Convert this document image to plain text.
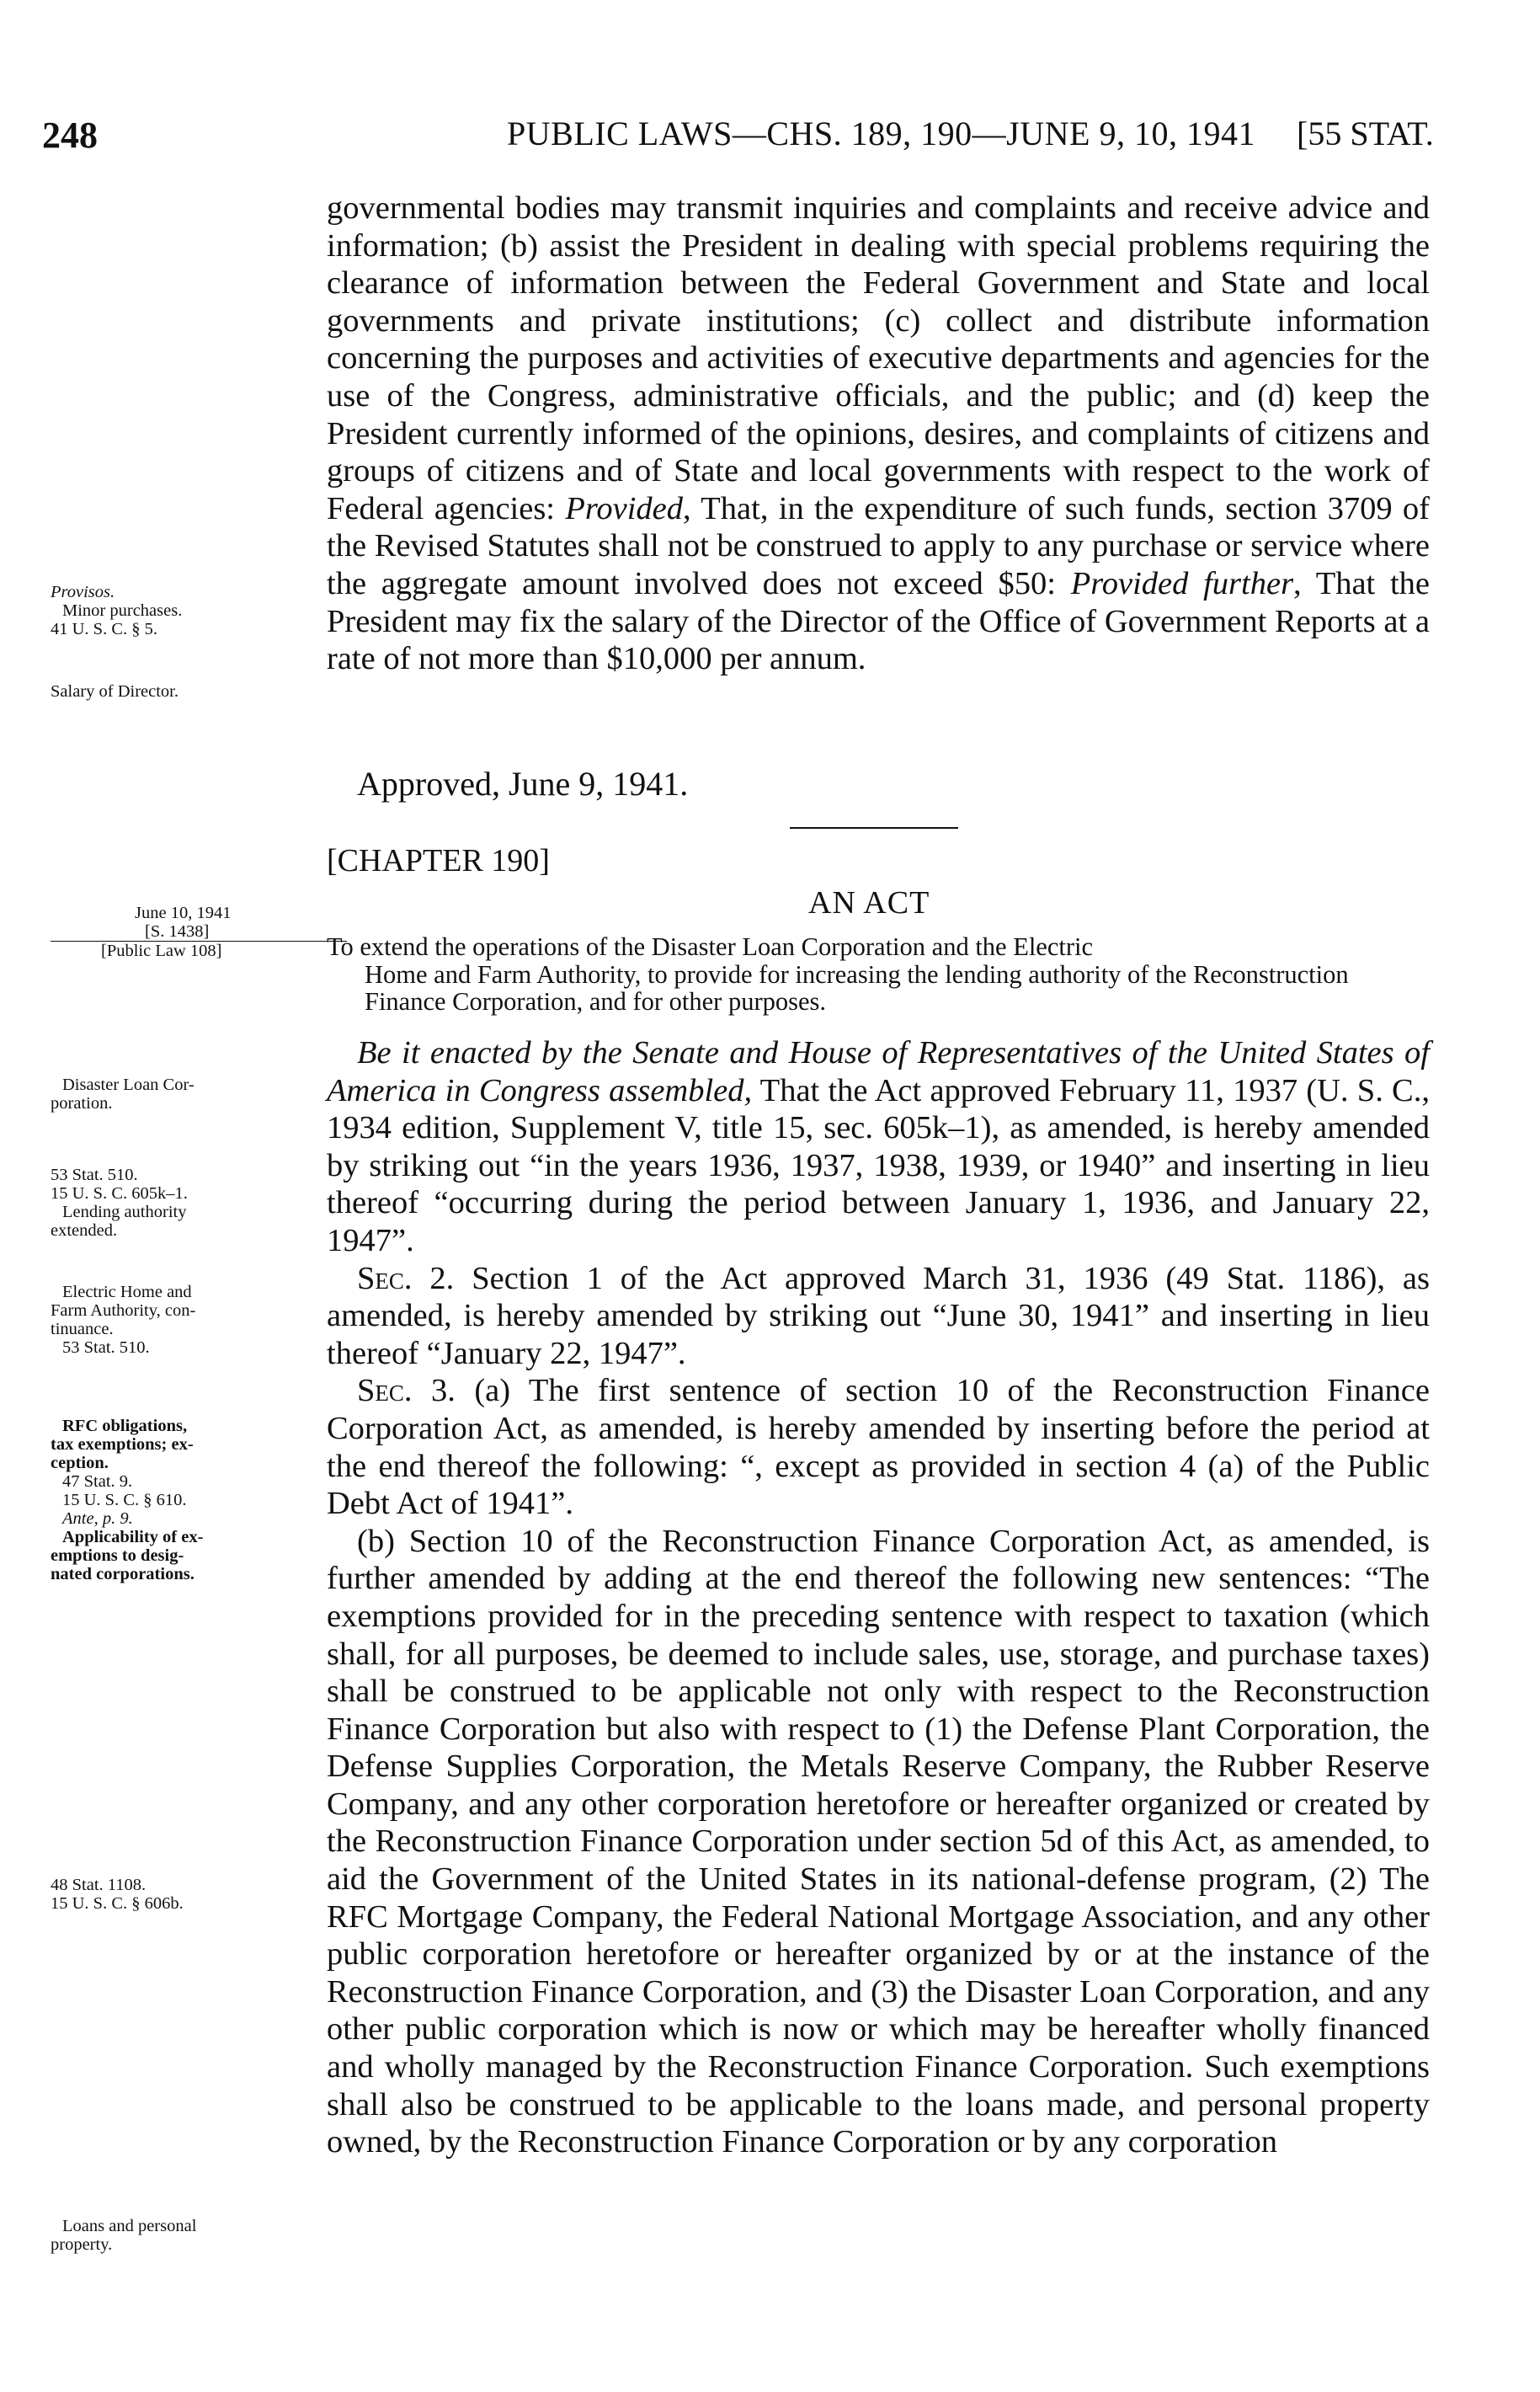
248	PUBLIC LAWS—CHS. 189, 190—JUNE 9, 10, 1941 [55 STAT.

governmental bodies may transmit inquiries and complaints and receive advice and information; (b) assist the President in dealing with special problems requiring the clearance of information between the Federal Government and State and local governments and private institutions; (c) collect and distribute information concerning the purposes and activities of executive departments and agencies for the use of the Congress, administrative officials, and the public; and (d) keep the President currently informed of the opinions, desires, and complaints of citizens and groups of citizens and of State and local governments with respect to the work of Federal agencies: Provided, That, in the expenditure of such funds, section 3709 of the Revised Statutes shall not be construed to apply to any purchase or service where the aggregate amount involved does not exceed $50: Provided further, That the President may fix the salary of the Director of the Office of Government Reports at a rate of not more than $10,000 per annum.

Approved, June 9, 1941.
[CHAPTER 190]
AN ACT
To extend the operations of the Disaster Loan Corporation and the Electric
Home and Farm Authority, to provide for increasing the lending authority of the Reconstruction Finance Corporation, and for other purposes.

Be it enacted by the Senate and House of Representatives of the United States of America in Congress assembled, That the Act approved February 11, 1937 (U. S. C., 1934 edition, Supplement V, title 15, sec. 605k–1), as amended, is hereby amended by striking out “in the years 1936, 1937, 1938, 1939, or 1940” and inserting in lieu thereof “occurring during the period between January 1, 1936, and January 22, 1947”.

Sec. 2. Section 1 of the Act approved March 31, 1936 (49 Stat. 1186), as amended, is hereby amended by striking out “June 30, 1941” and inserting in lieu thereof “January 22, 1947”.

Sec. 3. (a) The first sentence of section 10 of the Reconstruction Finance Corporation Act, as amended, is hereby amended by inserting before the period at the end thereof the following: “, except as provided in section 4 (a) of the Public Debt Act of 1941”.

(b) Section 10 of the Reconstruction Finance Corporation Act, as amended, is further amended by adding at the end thereof the following new sentences: “The exemptions provided for in the preceding sentence with respect to taxation (which shall, for all purposes, be deemed to include sales, use, storage, and purchase taxes) shall be construed to be applicable not only with respect to the Reconstruction Finance Corporation but also with respect to (1) the Defense Plant Corporation, the Defense Supplies Corporation, the Metals Reserve Company, the Rubber Reserve Company, and any other corporation heretofore or hereafter organized or created by the Reconstruction Finance Corporation under section 5d of this Act, as amended, to aid the Government of the United States in its national-defense program, (2) The RFC Mortgage Company, the Federal National Mortgage Association, and any other public corporation heretofore or hereafter organized by or at the instance of the Reconstruction Finance Corporation, and (3) the Disaster Loan Corporation, and any other public corporation which is now or which may be hereafter wholly financed and wholly managed by the Reconstruction Finance Corporation. Such exemptions shall also be construed to be applicable to the loans made, and personal property owned, by the Reconstruction Finance Corporation or by any corporation

Provisos.
Minor purchases.
41 U. S. C. § 5.
Salary of Director.
June 10, 1941
[S. 1438]
[Public Law 108]
Disaster Loan Cor-
poration.
53 Stat. 510.
15 U. S. C. 605k–1.
Lending authority
extended.
Electric Home and
Farm Authority, con-
tinuance.
53 Stat. 510.
RFC obligations,
tax exemptions; ex-
ception.
47 Stat. 9.
15 U. S. C. § 610.
Ante, p. 9.
Applicability of ex-
emptions to desig-
nated corporations.
48 Stat. 1108.
15 U. S. C. § 606b.
Loans and personal
property.
